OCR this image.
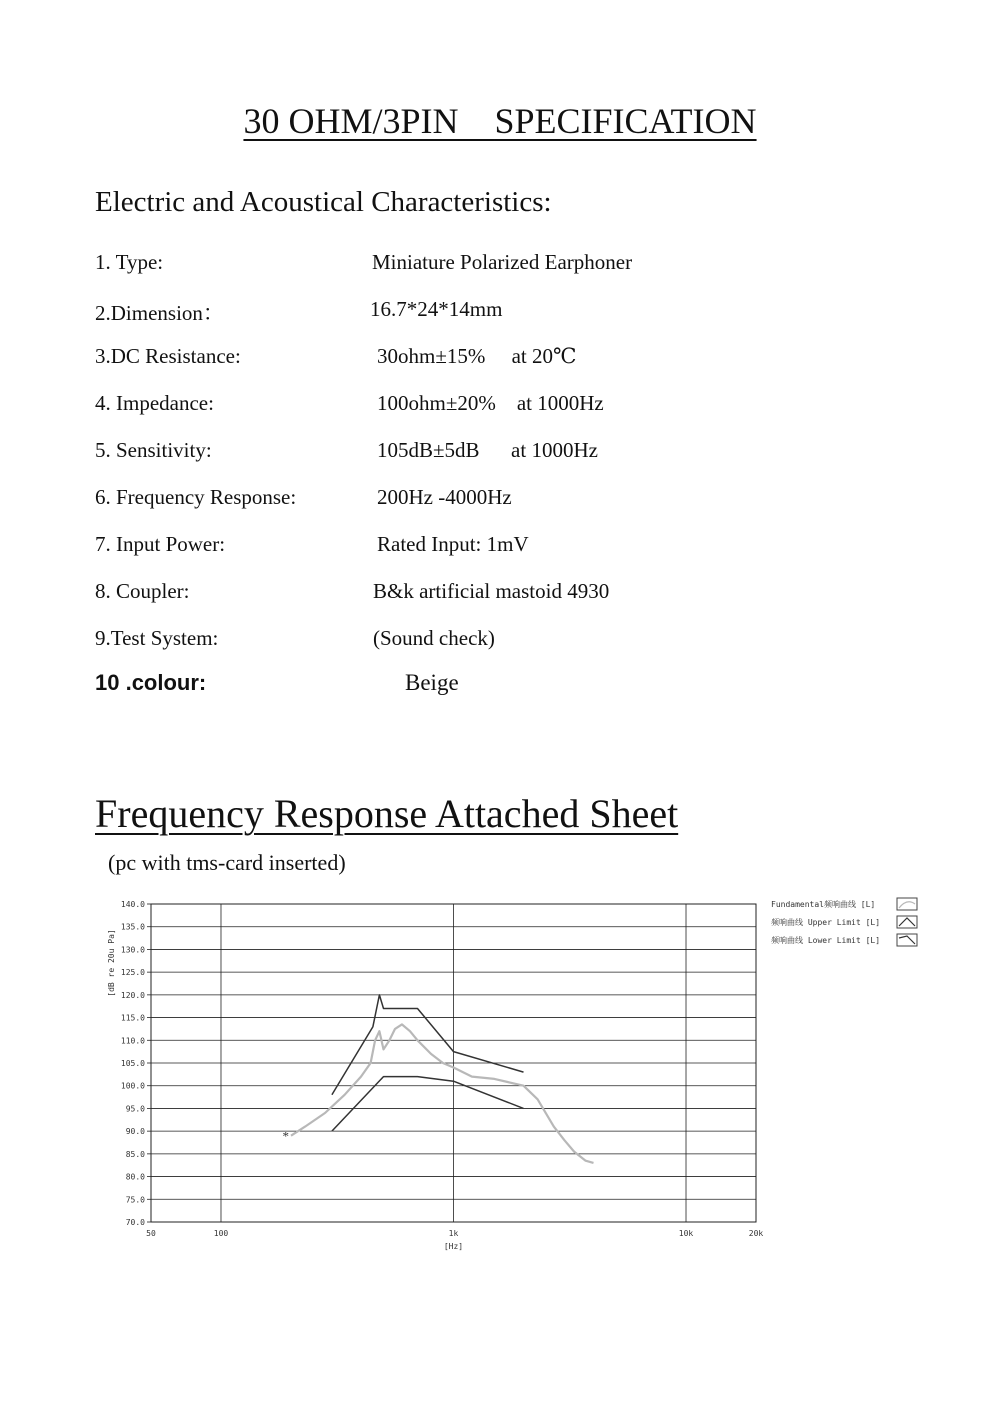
30 OHM/3PIN SPECIFICATION
Electric and Acoustical Characteristics:
1. Type:	Miniature Polarized Earphoner
2.Dimension：	16.7*24*14mm
3.DC Resistance:	30ohm±15%     at 20℃
4. Impedance:	100ohm±20%    at 1000Hz
5. Sensitivity:	105dB±5dB      at 1000Hz
6. Frequency Response:	200Hz -4000Hz
7. Input Power:	Rated Input: 1mV
8. Coupler:	B&k artificial mastoid 4930
9.Test System:	(Sound check)
10 .colour:	Beige
Frequency Response Attached Sheet
(pc with tms-card inserted)
140.0
135.0
130.0
125.0
120.0
115.0
110.0
105.0
100.0
95.0
90.0
85.0
80.0
75.0
70.0
50	100	1k	10k	20k
[Hz]
[dB re 20u Pa]
*
Fundamental频响曲线 [L]
频响曲线 Upper Limit [L]
频响曲线 Lower Limit [L]
